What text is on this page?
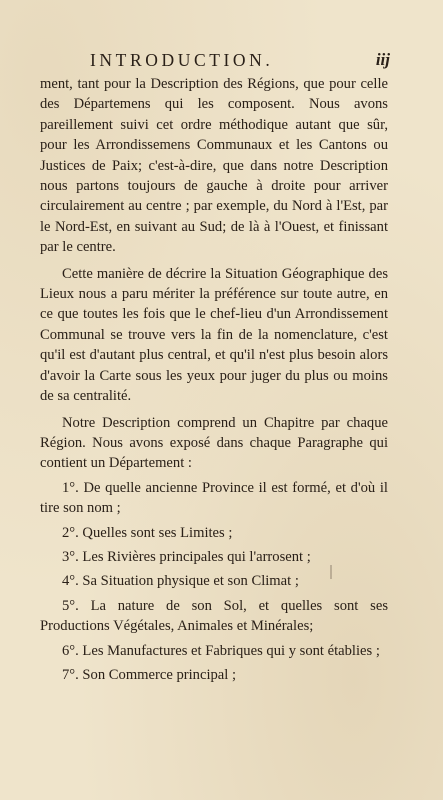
INTRODUCTION.	iij

ment, tant pour la Description des Régions, que pour celle des Départemens qui les composent. Nous avons pareillement suivi cet ordre méthodique autant que sûr, pour les Arrondissemens Communaux et les Cantons ou Justices de Paix; c'est-à-dire, que dans notre Description nous partons toujours de gauche à droite pour arriver circulairement au centre ; par exemple, du Nord à l'Est, par le Nord-Est, en suivant au Sud; de là à l'Ouest, et finissant par le centre.

Cette manière de décrire la Situation Géographique des Lieux nous a paru mériter la préférence sur toute autre, en ce que toutes les fois que le chef-lieu d'un Arrondissement Communal se trouve vers la fin de la nomenclature, c'est qu'il est d'autant plus central, et qu'il n'est plus besoin alors d'avoir la Carte sous les yeux pour juger du plus ou moins de sa centralité.

Notre Description comprend un Chapitre par chaque Région. Nous avons exposé dans chaque Paragraphe qui contient un Département :

1°. De quelle ancienne Province il est formé, et d'où il tire son nom ;
2°. Quelles sont ses Limites ;
3°. Les Rivières principales qui l'arrosent ;
4°. Sa Situation physique et son Climat ;
5°. La nature de son Sol, et quelles sont ses Productions Végétales, Animales et Minérales;
6°. Les Manufactures et Fabriques qui y sont établies ;
7°. Son Commerce principal ;
